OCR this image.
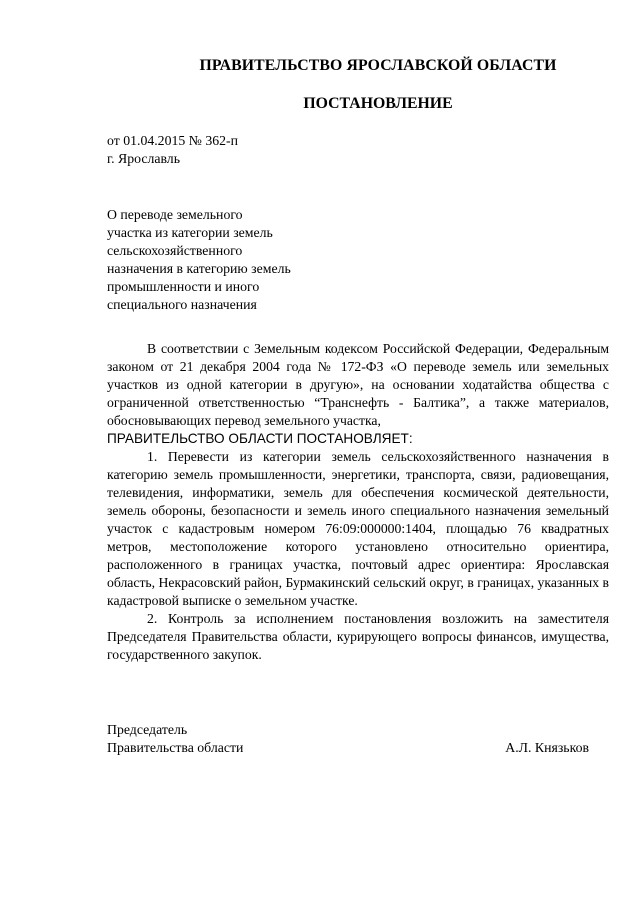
ПРАВИТЕЛЬСТВО ЯРОСЛАВСКОЙ ОБЛАСТИ
ПОСТАНОВЛЕНИЕ
от 01.04.2015 № 362-п
г. Ярославль
О переводе земельного
участка из категории земель
сельскохозяйственного
назначения в категорию земель
промышленности и иного
специального назначения

В соответствии с Земельным кодексом Российской Федерации, Федеральным законом от 21 декабря 2004 года № 172-ФЗ «О переводе земель или земельных участков из одной категории в другую», на основании ходатайства общества с ограниченной ответственностью “Транснефть - Балтика”, а также материалов, обосновывающих перевод земельного участка,

ПРАВИТЕЛЬСТВО ОБЛАСТИ ПОСТАНОВЛЯЕТ:

1. Перевести из категории земель сельскохозяйственного назначения в категорию земель промышленности, энергетики, транспорта, связи, радиовещания, телевидения, информатики, земель для обеспечения космической деятельности, земель обороны, безопасности и земель иного специального назначения земельный участок с кадастровым номером 76:09:000000:1404, площадью 76 квадратных метров, местоположение которого установлено относительно ориентира, расположенного в границах участка, почтовый адрес ориентира: Ярославская область, Некрасовский район, Бурмакинский сельский округ, в границах, указанных в кадастровой выписке о земельном участке.

2. Контроль за исполнением постановления возложить на заместителя Председателя Правительства области, курирующего вопросы финансов, имущества, государственного закупок.

Председатель
Правительства области	А.Л. Князьков
